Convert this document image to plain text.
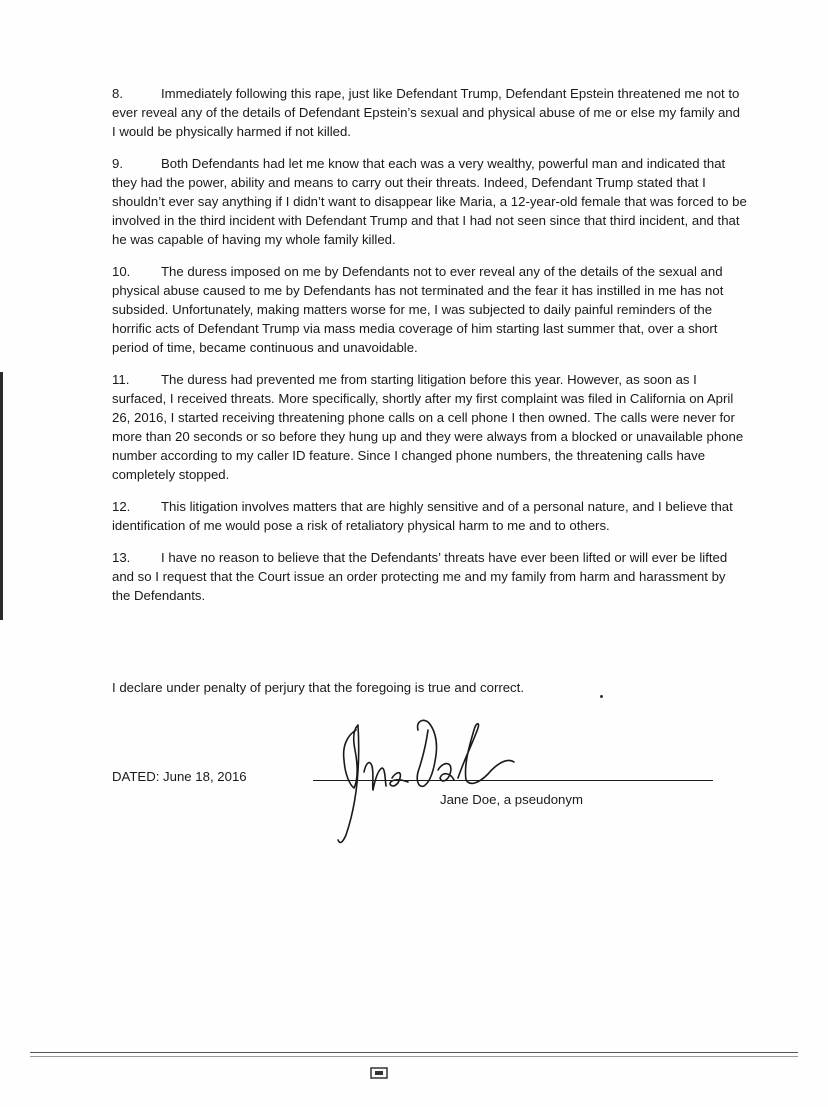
8.	Immediately following this rape, just like Defendant Trump, Defendant Epstein threatened me not to ever reveal any of the details of Defendant Epstein’s sexual and physical abuse of me or else my family and I would be physically harmed if not killed.

9.	Both Defendants had let me know that each was a very wealthy, powerful man and indicated that they had the power, ability and means to carry out their threats. Indeed, Defendant Trump stated that I shouldn’t ever say anything if I didn’t want to disappear like Maria, a 12-year-old female that was forced to be involved in the third incident with Defendant Trump and that I had not seen since that third incident, and that he was capable of having my whole family killed.

10. The duress imposed on me by Defendants not to ever reveal any of the details of the sexual and physical abuse caused to me by Defendants has not terminated and the fear it has instilled in me has not subsided. Unfortunately, making matters worse for me, I was subjected to daily painful reminders of the horrific acts of Defendant Trump via mass media coverage of him starting last summer that, over a short period of time, became continuous and unavoidable.

11. The duress had prevented me from starting litigation before this year. However, as soon as I surfaced, I received threats. More specifically, shortly after my first complaint was filed in California on April 26, 2016, I started receiving threatening phone calls on a cell phone I then owned. The calls were never for more than 20 seconds or so before they hung up and they were always from a blocked or unavailable phone number according to my caller ID feature. Since I changed phone numbers, the threatening calls have completely stopped.

12. This litigation involves matters that are highly sensitive and of a personal nature, and I believe that identification of me would pose a risk of retaliatory physical harm to me and to others.

13. I have no reason to believe that the Defendants’ threats have ever been lifted or will ever be lifted and so I request that the Court issue an order protecting me and my family from harm and harassment by the Defendants.

I declare under penalty of perjury that the foregoing is true and correct.
DATED: June 18, 2016
Jane Doe, a pseudonym
